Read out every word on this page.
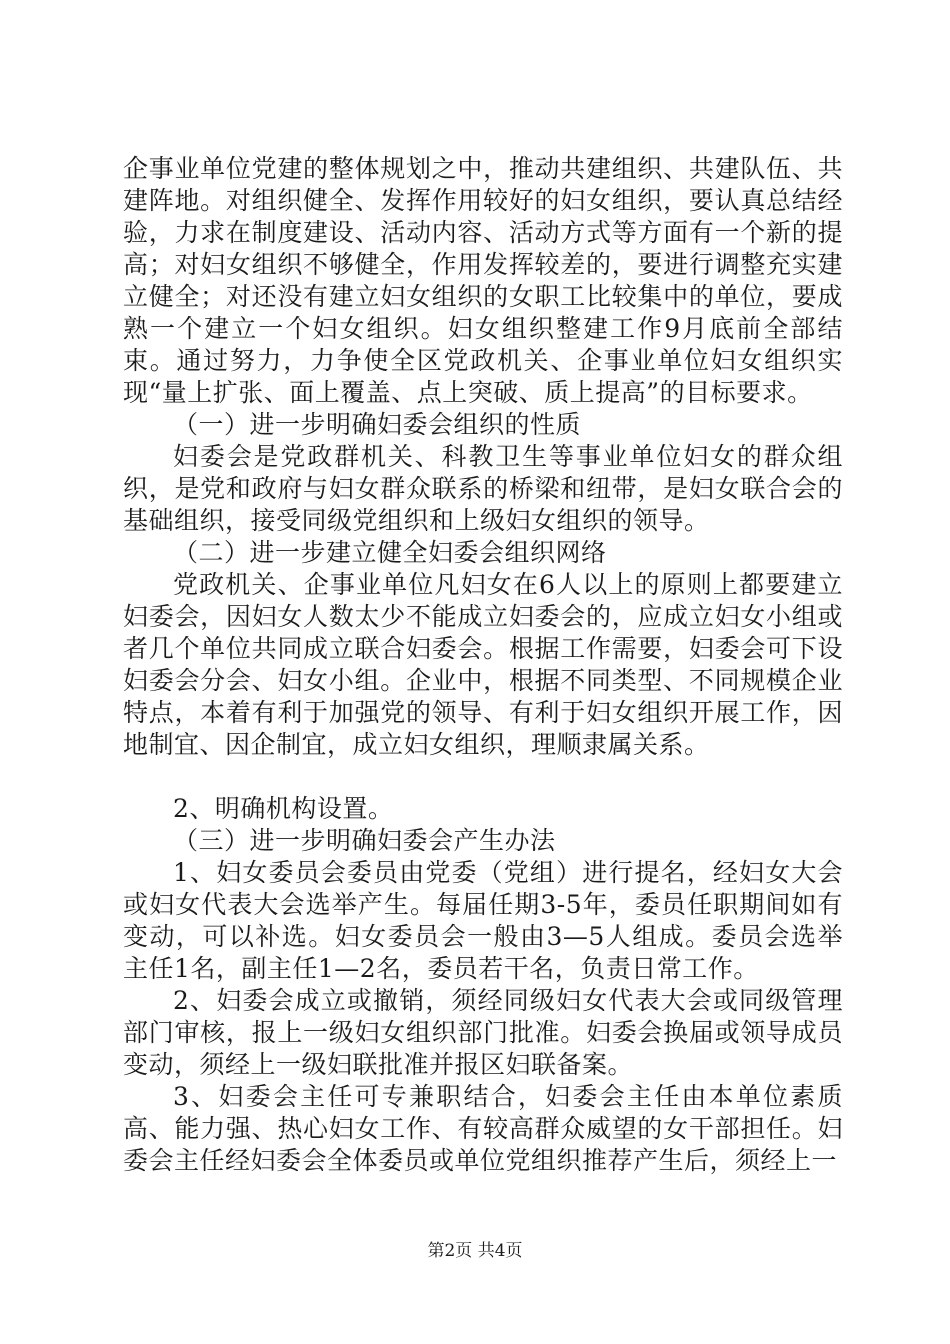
企事业单位党建的整体规划之中，推动共建组织、共建队伍、共建阵地。对组织健全、发挥作用较好的妇女组织，要认真总结经验，力求在制度建设、活动内容、活动方式等方面有一个新的提高；对妇女组织不够健全，作用发挥较差的，要进行调整充实建立健全；对还没有建立妇女组织的女职工比较集中的单位，要成熟一个建立一个妇女组织。妇女组织整建工作9月底前全部结束。通过努力，力争使全区党政机关、企事业单位妇女组织实现“量上扩张、面上覆盖、点上突破、质上提高”的目标要求。

（一）进一步明确妇委会组织的性质

妇委会是党政群机关、科教卫生等事业单位妇女的群众组织，是党和政府与妇女群众联系的桥梁和纽带，是妇女联合会的基础组织，接受同级党组织和上级妇女组织的领导。

（二）进一步建立健全妇委会组织网络

党政机关、企事业单位凡妇女在6人以上的原则上都要建立妇委会，因妇女人数太少不能成立妇委会的，应成立妇女小组或者几个单位共同成立联合妇委会。根据工作需要，妇委会可下设妇委会分会、妇女小组。企业中，根据不同类型、不同规模企业特点，本着有利于加强党的领导、有利于妇女组织开展工作，因地制宜、因企制宜，成立妇女组织，理顺隶属关系。

2、明确机构设置。

（三）进一步明确妇委会产生办法

1、妇女委员会委员由党委（党组）进行提名，经妇女大会或妇女代表大会选举产生。每届任期3-5年，委员任职期间如有变动，可以补选。妇女委员会一般由3—5人组成。委员会选举主任1名，副主任1—2名，委员若干名，负责日常工作。

2、妇委会成立或撤销，须经同级妇女代表大会或同级管理部门审核，报上一级妇女组织部门批准。妇委会换届或领导成员变动，须经上一级妇联批准并报区妇联备案。

3、妇委会主任可专兼职结合，妇委会主任由本单位素质高、能力强、热心妇女工作、有较高群众威望的女干部担任。妇委会主任经妇委会全体委员或单位党组织推荐产生后，须经上一

第2页 共4页
